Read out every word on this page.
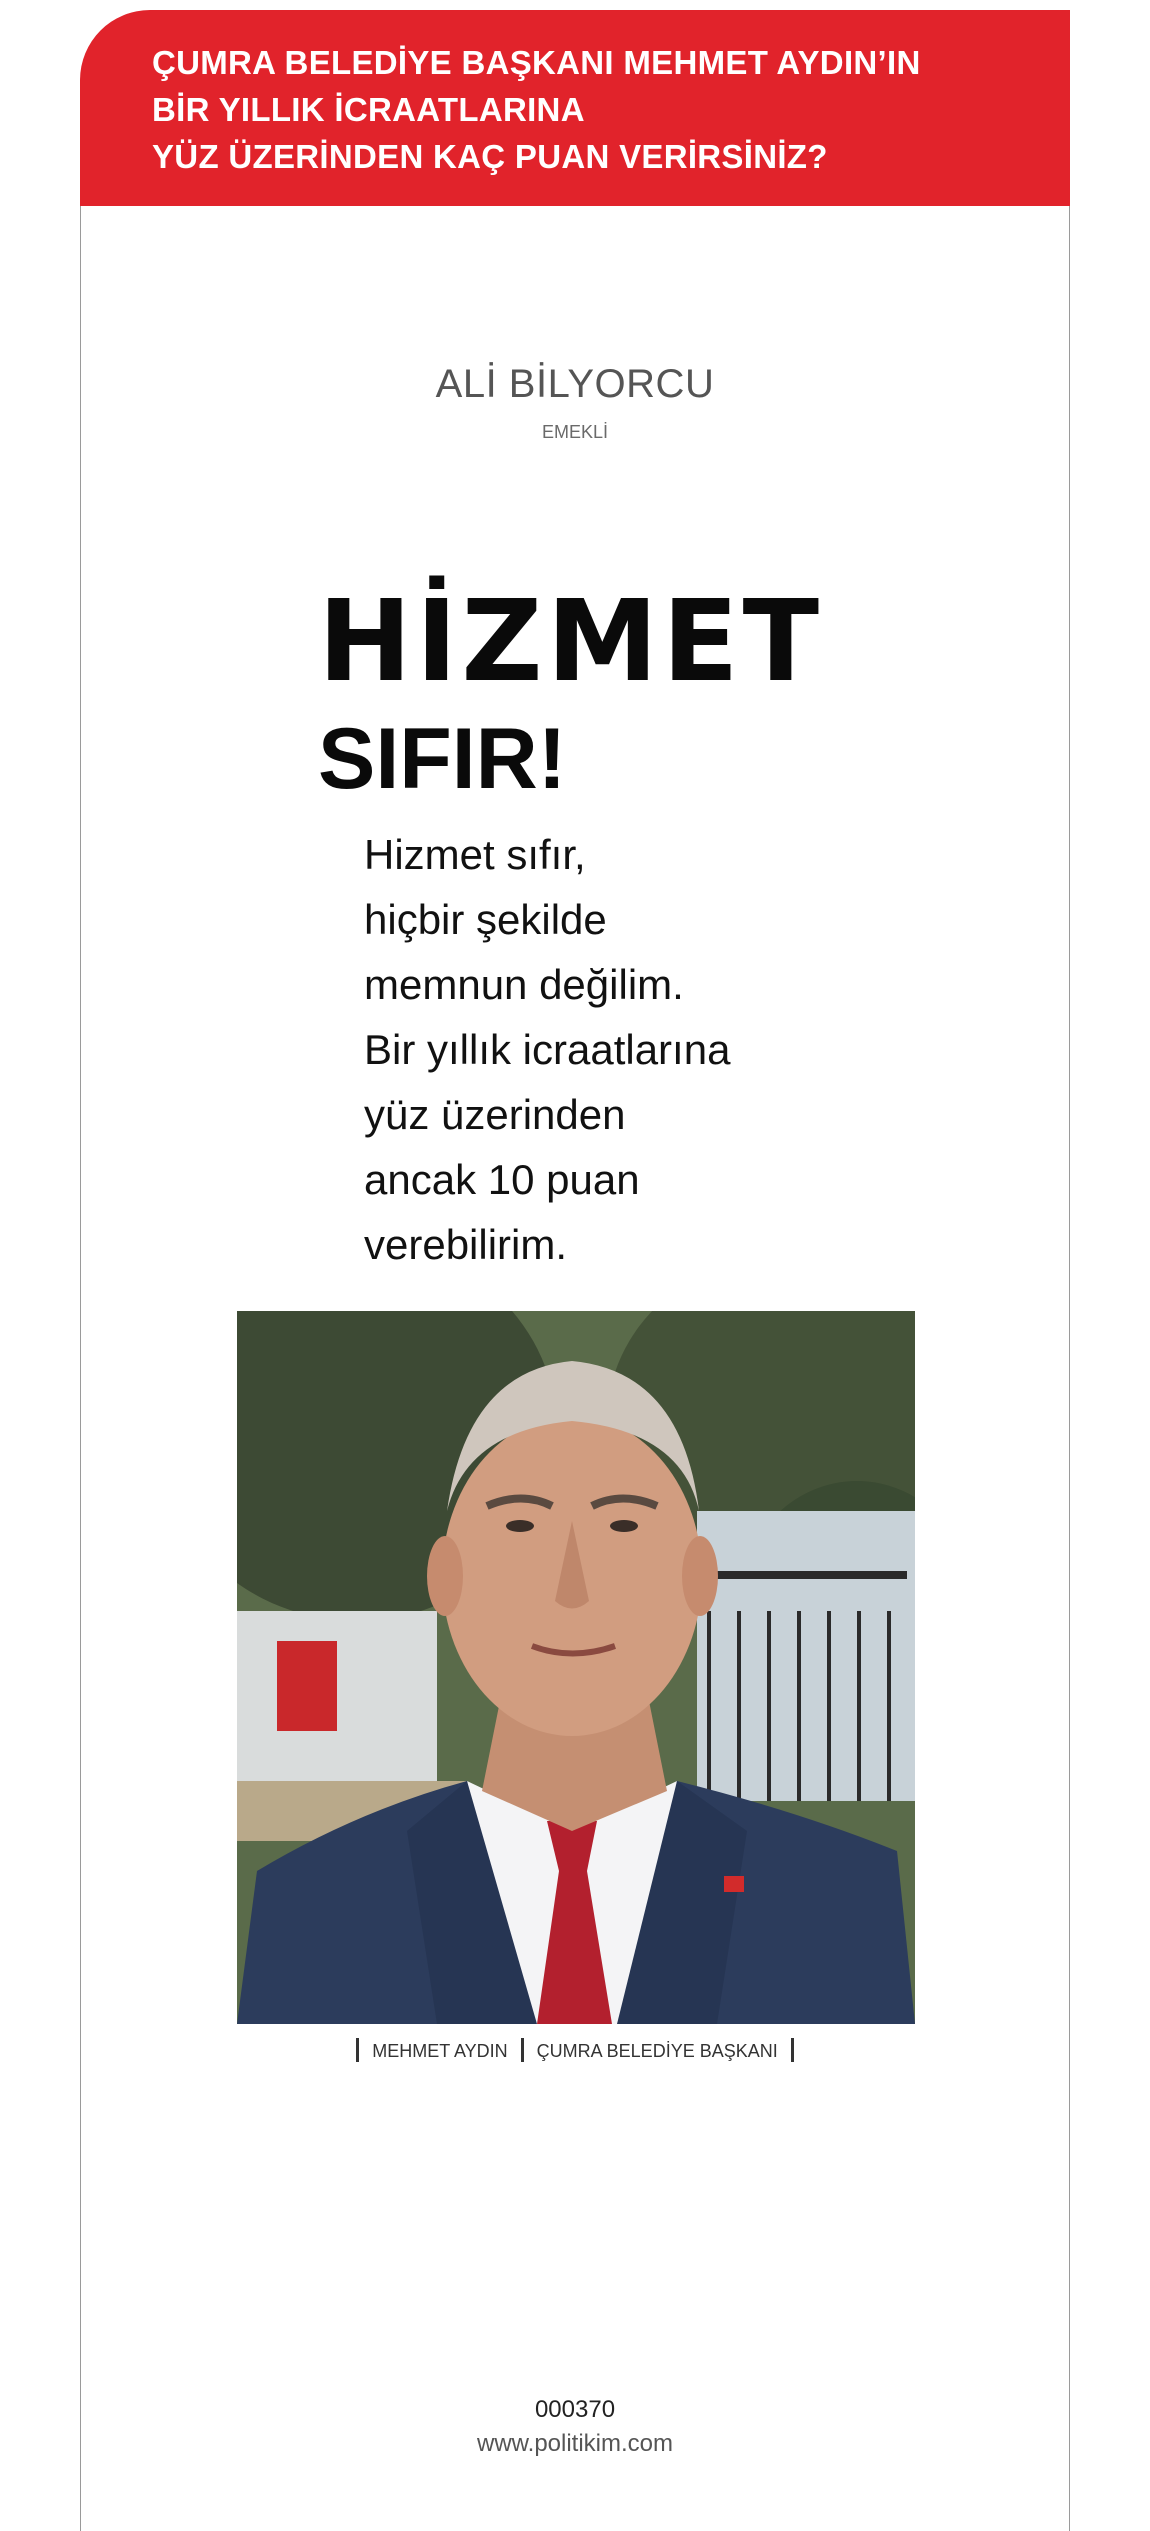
ÇUMRA BELEDİYE BAŞKANI MEHMET AYDIN’IN
BİR YILLIK İCRAATLARINA
YÜZ ÜZERİNDEN KAÇ PUAN VERİRSİNİZ?
ALİ BİLYORCU
EMEKLİ
HİZMET
SIFIR!
Hizmet sıfır,
hiçbir şekilde
memnun değilim.
Bir yıllık icraatlarına
yüz üzerinden
ancak 10 puan
verebilirim.
MEHMET AYDIN ÇUMRA BELEDİYE BAŞKANI
000370
www.politikim.com
